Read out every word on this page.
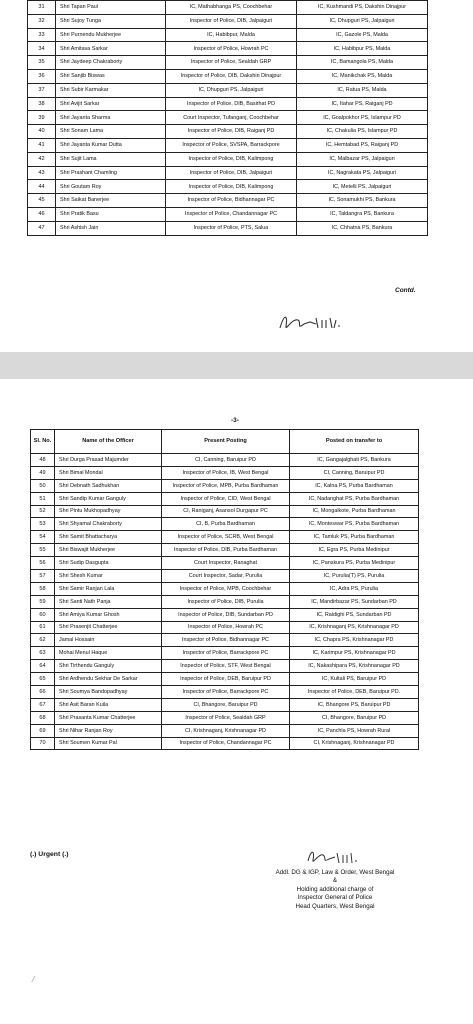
31	Shri Tapan Paul	IC, Mathabhanga PS, Coochbehar	IC, Kushmandi PS, Dakshin Dinajpur
32	Shri Sujoy Tunga	Inspector of Police, DIB, Jalpaiguri	IC, Dhupguri PS, Jalpaiguri
33	Shri Purnendu Mukherjee	IC, Habibpur, Malda	IC, Gazole PS, Malda
34	Shri Amitava Sarkar	Inspector of Police, Howrah PC	IC, Habibpur PS, Malda
35	Shri Jaydeep Chakraborty	Inspector of Police, Sealdah GRP	IC, Bamangola PS, Malda
36	Shri Sanjib Biswas	Inspector of Police, DIB, Dakshin Dinajpur	IC, Manikchak PS, Malda
37	Shri Subir Karmakar	IC, Dhupguri PS, Jalpaiguri	IC, Ratua PS, Malda
38	Shri Avijit Sarkar	Inspector of Police, DIB, Basirhat PD	IC, Itahar PS, Raiganj PD
39	Shri Jayanta Sharma	Court Inspector, Tufanganj, Coochbehar	IC, Goalpokhor PS, Islampur PD
40	Shri Sonam Lama	Inspector of Police, DIB, Raiganj PD	IC, Chakulia PS, Islampur PD
41	Shri Jayanta Kumar Dutta	Inspector of Police, SVSPA, Barrackpore	IC, Hemtabad PS, Raiganj PD
42	Shri Sujit Lama	Inspector of Police, DIB, Kalimpong	IC, Malbazar PS, Jalpaiguri
43	Shri Prashant Chamling	Inspector of Police, DIB, Jalpaiguri	IC, Nagrakata PS, Jalpaiguri
44	Shri Goutam Roy	Inspector of Police, DIB, Kalimpong	IC, Metelli PS, Jalpaiguri
45	Shri Saikat Banerjee	Inspector of Police, Bidhannagar PC	IC, Sonamukhi PS, Bankura
46	Shri Pratik Basu	Inspector of Police, Chandannagar PC	IC, Taldangra PS, Bankura
47	Shri Ashish Jain	Inspector of Police, PTS, Salua	IC, Chhatna PS, Bankura
Contd.
-3-
Sl. No.	Name of the Officer	Present Posting	Posted on transfer to
48	Shri Durga Prasad Majumder	CI, Canning, Baruipur PD	IC, Gangajalghati PS, Bankura
49	Shri Bimal Mondal	Inspector of Police, IB, West Bengal	CI, Canning, Baruipur PD
50	Shri Debnath Sadhukhan	Inspector of Police, MPB, Purba Bardhaman	IC, Kalna PS, Purba Bardhaman
51	Shri Sandip Kumar Ganguly	Inspector of Police, CID, West Bengal	IC, Nadanghat PS, Purba Bardhaman
52	Shri Pintu Mukhopadhyay	CI, Raniganj, Asansol Durgapur PC	IC, Mongalkote, Purba Bardhaman
53	Shri Shyamal Chakraborty	CI, B, Purba Bardhaman	IC, Monteswar PS, Purba Bardhaman
54	Shri Samit Bhattacharya	Inspector of Police, SCRB, West Bengal	IC, Tamluk PS, Purba Bardhaman
55	Shri Biswajit Mukherjee	Inspector of Police, DIB, Purba Bardhaman	IC, Egra PS, Purba Medinipur
56	Shri Sudip Dasgupta	Court Inspector, Ranaghat	IC, Panskura PS, Purba Medinipur
57	Shri Shesh Kumar	Court Inspector, Sadar, Purulia	IC, Purulia(T) PS, Purulia
58	Shri Samir Ranjan Lala	Inspector of Police, MPB, Coochbehar	IC, Adra PS, Purulia
59	Shri Santi Nath Panja	Inspector of Police, DIB, Purulia	IC, Mandirbazar PS, Sundarban PD
60	Shri Amiya Kumar Ghosh	Inspector of Police, DIB, Sundarban PD	IC, Raidighi PS, Sundarban PD
61	Shri Prasenjit Chatterjee	Inspector of Police, Howrah PC	IC, Krishnaganj PS, Krishnanagar PD
62	Jamal Hossain	Inspector of Police, Bidhannagar PC	IC, Chapra PS, Krishnanagar PD
63	Mohai Menul Haque	Inspector of Police, Barrackpore PC	IC, Karimpur PS, Krishnanagar PD
64	Shri Tirthendu Ganguly	Inspector of Police, STF, West Bengal	IC, Nakashipara PS, Krishnanagar PD
65	Shri Ardhendu Sekhar De Sarkar	Inspector of Police, DEB, Baruipur PD	IC, Kultali PS, Baruipur PD
66	Shri Soumya Bandopadhyay	Inspector of Police, Barrackpore PC	Inspector of Police, DEB, Baruipur PD.
67	Shri Asit Baran Kuila	CI, Bhangore, Baruipur PD	IC, Bhangore PS, Baruipur PD
68	Shri Prasanta Kumar Chatterjee	Inspector of Police, Sealdah GRP	CI, Bhangore, Baruipur PD
69	Shri Nihar Ranjan Roy	CI, Krishnaganj, Krishnanagar PD	IC, Panchla PS, Howrah Rural
70	Shri Soumen Kumar Pal	Inspector of Police, Chandannagar PC	CI, Krishnaganj, Krishnanagar PD
(.) Urgent (.)
Addl. DG & IGP, Law & Order, West Bengal
&
Holding additional charge of
Inspector General of Police
Head Quarters, West Bengal
⁄
